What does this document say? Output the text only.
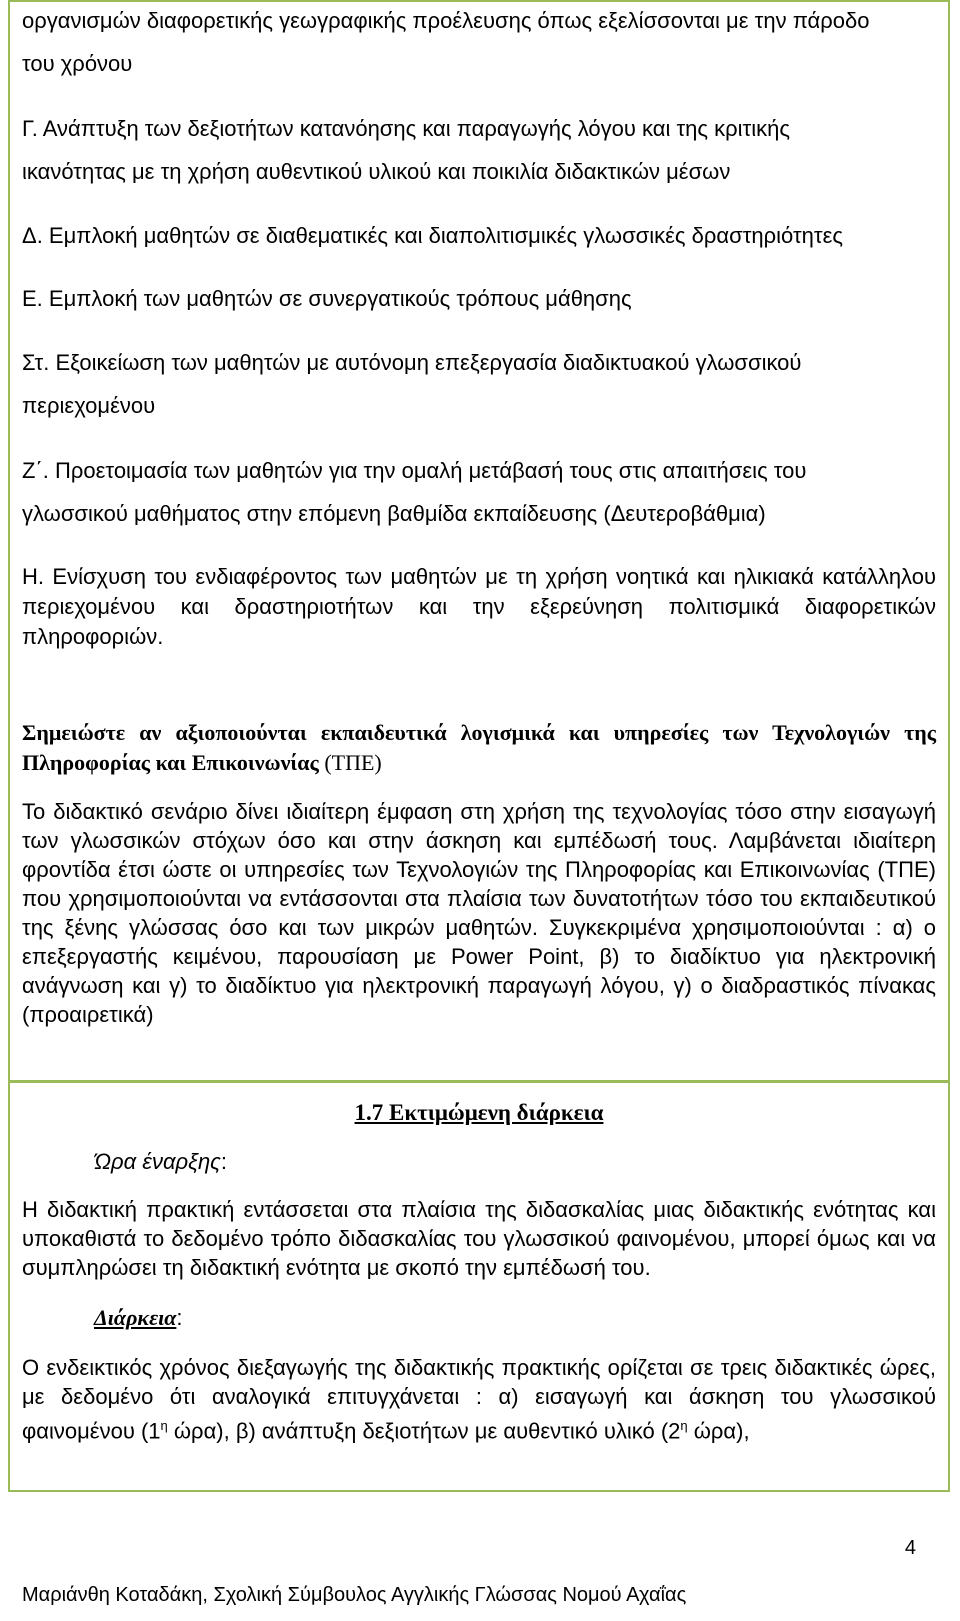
οργανισμών διαφορετικής γεωγραφικής προέλευσης όπως εξελίσσονται με την πάροδο
του χρόνου
Γ. Ανάπτυξη των δεξιοτήτων κατανόησης και παραγωγής λόγου και της κριτικής
ικανότητας με τη χρήση αυθεντικού υλικού και ποικιλία διδακτικών μέσων
Δ. Εμπλοκή μαθητών σε διαθεματικές και διαπολιτισμικές γλωσσικές δραστηριότητες
Ε. Εμπλοκή των μαθητών σε συνεργατικούς τρόπους μάθησης
Στ. Εξοικείωση των μαθητών με αυτόνομη επεξεργασία διαδικτυακού γλωσσικού
περιεχομένου
Ζ΄. Προετοιμασία των μαθητών για την ομαλή μετάβασή τους στις απαιτήσεις του
γλωσσικού μαθήματος στην επόμενη βαθμίδα εκπαίδευσης (Δευτεροβάθμια)

Η. Ενίσχυση του ενδιαφέροντος των μαθητών με τη χρήση νοητικά και ηλικιακά κατάλληλου περιεχομένου και δραστηριοτήτων και την εξερεύνηση πολιτισμικά διαφορετικών πληροφοριών.

Σημειώστε αν αξιοποιούνται εκπαιδευτικά λογισμικά και υπηρεσίες των Τεχνολογιών της Πληροφορίας και Επικοινωνίας (ΤΠΕ)

Το διδακτικό σενάριο δίνει ιδιαίτερη έμφαση στη χρήση της τεχνολογίας τόσο στην εισαγωγή των γλωσσικών στόχων όσο και στην άσκηση και εμπέδωσή τους. Λαμβάνεται ιδιαίτερη φροντίδα έτσι ώστε οι υπηρεσίες των Τεχνολογιών της Πληροφορίας και Επικοινωνίας (ΤΠΕ) που χρησιμοποιούνται να εντάσσονται στα πλαίσια των δυνατοτήτων τόσο του εκπαιδευτικού της ξένης γλώσσας όσο και των μικρών μαθητών. Συγκεκριμένα χρησιμοποιούνται : α) ο επεξεργαστής κειμένου, παρουσίαση με Power Point, β) το διαδίκτυο για ηλεκτρονική ανάγνωση και γ) το διαδίκτυο για ηλεκτρονική παραγωγή λόγου, γ) ο διαδραστικός πίνακας (προαιρετικά)

1.7 Εκτιμώμενη διάρκεια
Ώρα έναρξης:

Η διδακτική πρακτική εντάσσεται στα πλαίσια της διδασκαλίας μιας διδακτικής ενότητας και υποκαθιστά το δεδομένο τρόπο διδασκαλίας του γλωσσικού φαινομένου, μπορεί όμως και να συμπληρώσει τη διδακτική ενότητα με σκοπό την εμπέδωσή του.

Διάρκεια:

Ο ενδεικτικός χρόνος διεξαγωγής της διδακτικής πρακτικής ορίζεται σε τρεις διδακτικές ώρες, με δεδομένο ότι αναλογικά επιτυγχάνεται : α) εισαγωγή και άσκηση του γλωσσικού φαινομένου ($1^\eta$ ώρα), β) ανάπτυξη δεξιοτήτων με αυθεντικό υλικό ($2^\eta$ ώρα),

4
Μαριάνθη Κοταδάκη, Σχολική Σύμβουλος Αγγλικής Γλώσσας Νομού Αχαΐας
